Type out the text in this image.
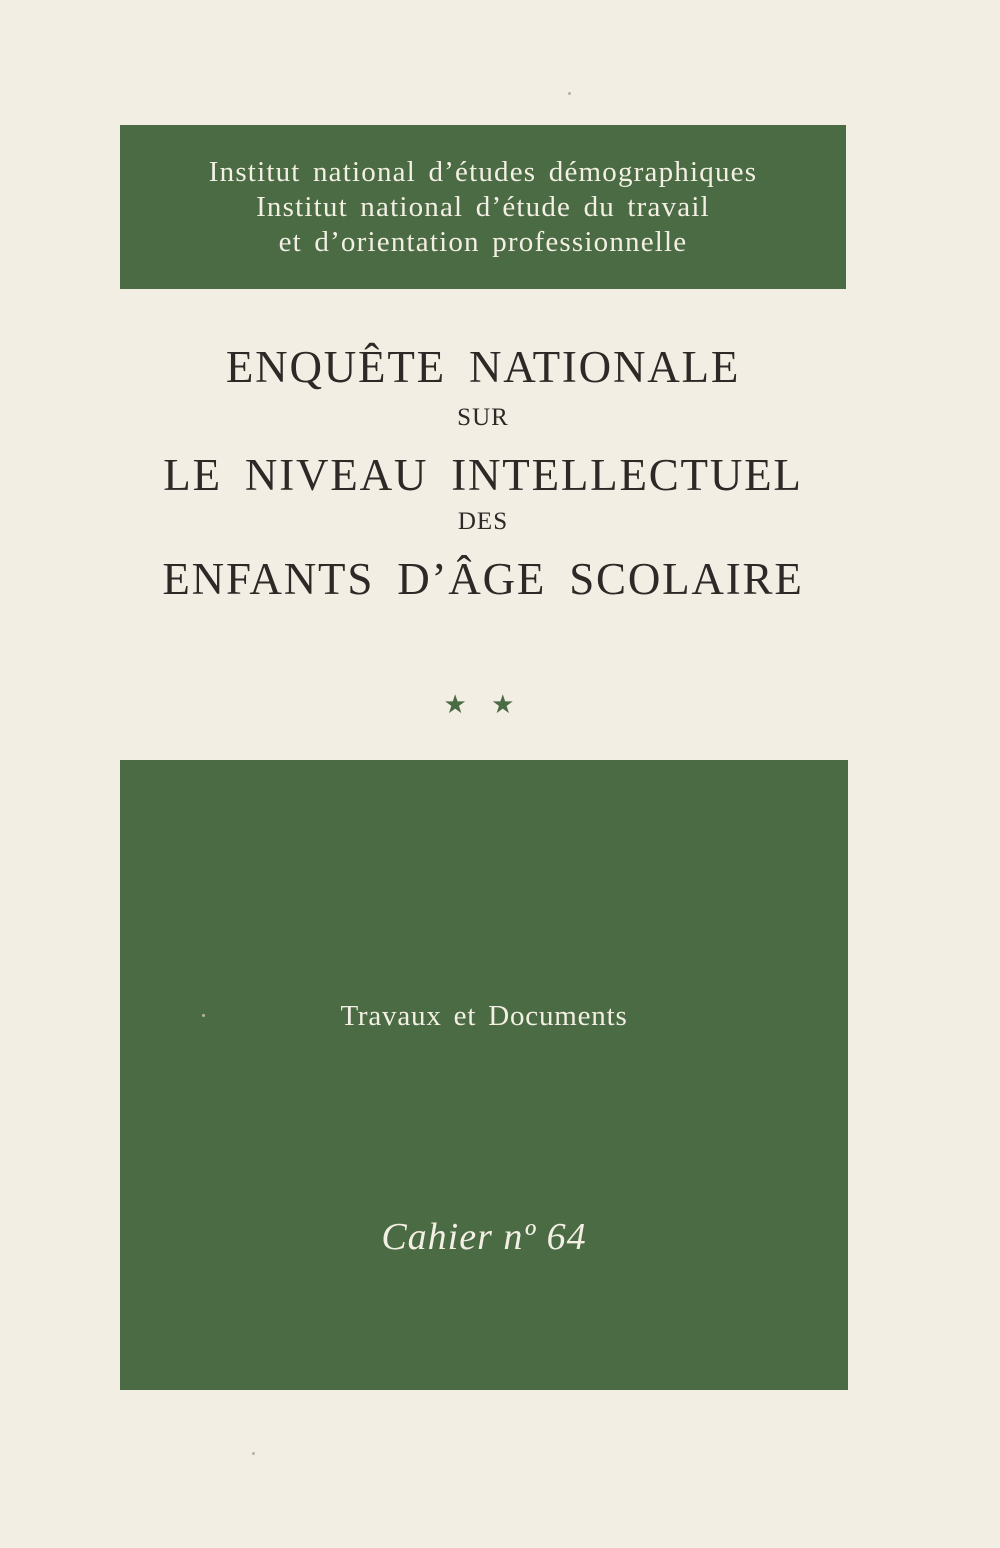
Institut national d’études démographiques
Institut national d’étude du travail
et d’orientation professionnelle
ENQUÊTE NATIONALE
SUR
LE NIVEAU INTELLECTUEL
DES
ENFANTS D’ÂGE SCOLAIRE
★ ★
Travaux et Documents
Cahier nº 64
